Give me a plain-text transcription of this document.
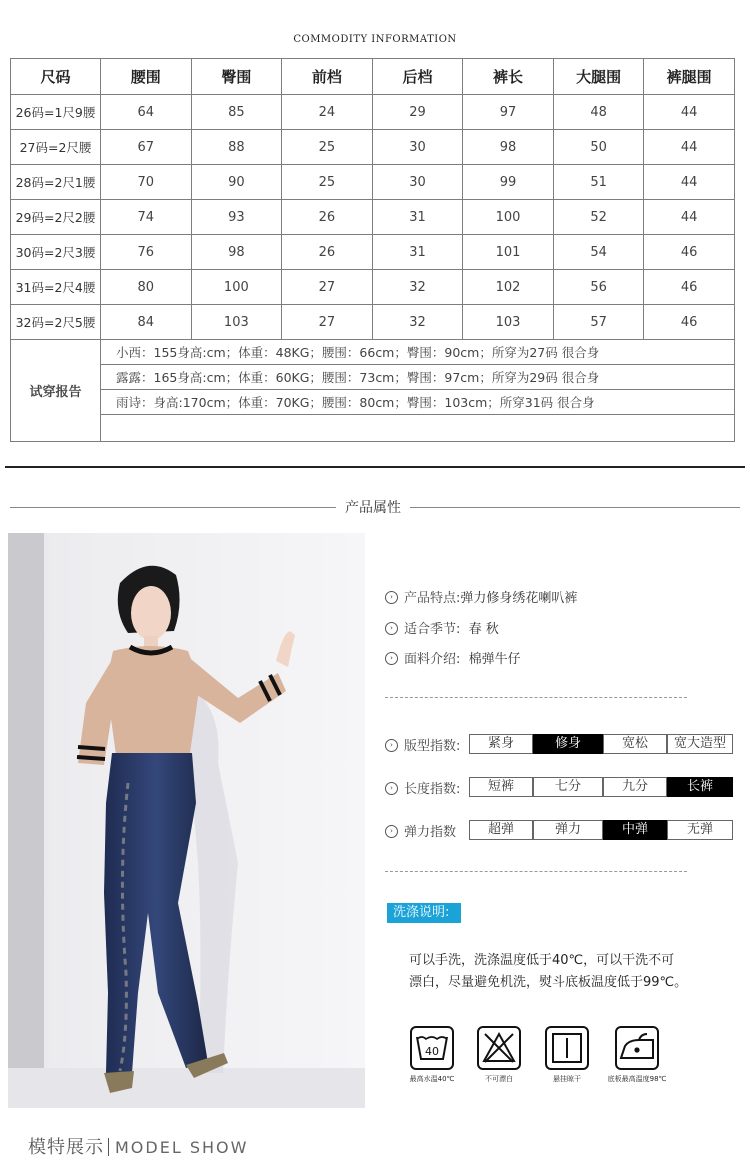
COMMODITY INFORMATION
尺码	腰围	臀围	前档	后档	裤长	大腿围	裤腿围
26码=1尺9腰	64	85	24	29	97	48	44
27码=2尺腰	67	88	25	30	98	50	44
28码=2尺1腰	70	90	25	30	99	51	44
29码=2尺2腰	74	93	26	31	100	52	44
30码=2尺3腰	76	98	26	31	101	54	46
31码=2尺4腰	80	100	27	32	102	56	46
32码=2尺5腰	84	103	27	32	103	57	46
试穿报告	小西：155身高:cm；体重：48KG；腰围：66cm；臀围：90cm；所穿为27码 很合身						
	露露：165身高:cm；体重：60KG；腰围：73cm；臀围：97cm；所穿为29码 很合身						
	雨诗：身高:170cm；体重：70KG；腰围：80cm；臀围：103cm；所穿31码 很合身						

产品属性
› 产品特点:弹力修身绣花喇叭裤
› 适合季节: 春 秋
› 面料介绍: 棉弹牛仔
› 版型指数:	紧身	修身	宽松	宽大造型
› 长度指数:	短裤	七分	九分	长裤
› 弹力指数	超弹	弹力	中弹	无弹
洗涤说明:
可以手洗，洗涤温度低于40℃，可以干洗不可
漂白，尽量避免机洗，熨斗底板温度低于99℃。
40
最高水温40℃	不可漂白	悬挂晾干	底板最高温度98℃
模特展示 MODEL SHOW
